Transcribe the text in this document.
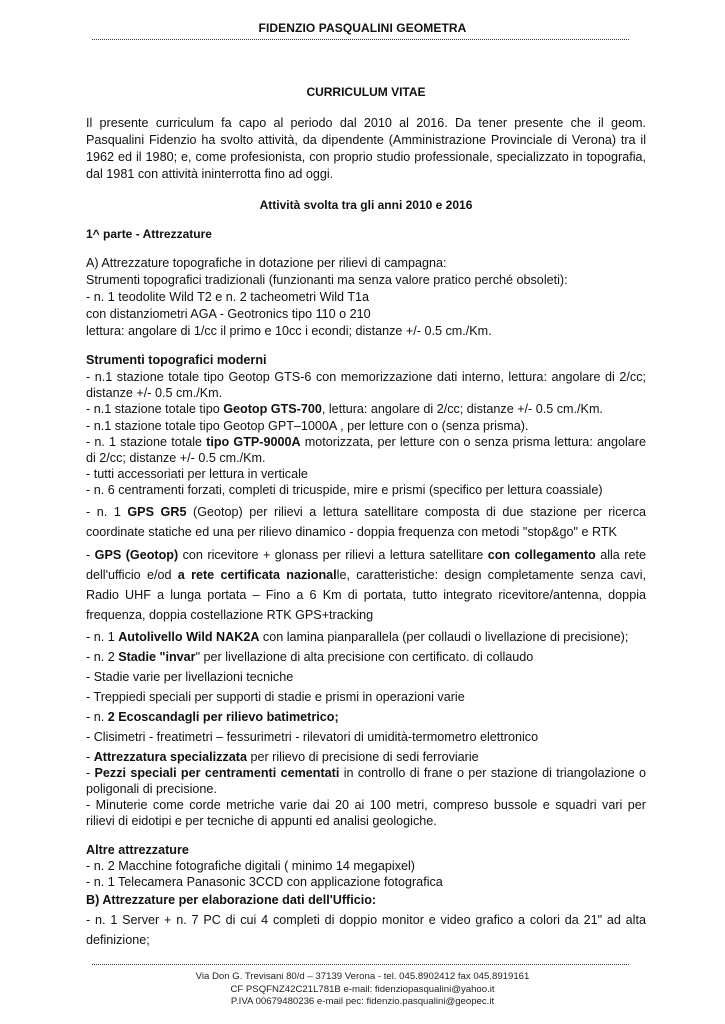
FIDENZIO PASQUALINI GEOMETRA
CURRICULUM VITAE

Il presente curriculum fa capo al periodo dal 2010 al 2016. Da tener presente che il geom. Pasqualini Fidenzio ha svolto attività, da dipendente (Amministrazione Provinciale di Verona) tra il 1962 ed il 1980; e, come profesionista, con proprio studio professionale, specializzato in topografia, dal 1981 con attività ininterrotta fino ad oggi.

Attività svolta tra gli anni 2010 e 2016

1^ parte - Attrezzature

A) Attrezzature topografiche in dotazione per rilievi di campagna:

Strumenti topografici tradizionali (funzionanti ma senza valore pratico perché obsoleti):

- n. 1 teodolite Wild T2 e n. 2 tacheometri Wild T1a

con distanziometri AGA - Geotronics tipo 110 o 210

lettura: angolare di 1/cc il primo e 10cc i econdi; distanze +/- 0.5 cm./Km.

Strumenti topografici moderni

- n.1 stazione totale tipo Geotop GTS-6 con memorizzazione dati interno, lettura: angolare di 2/cc; distanze +/- 0.5 cm./Km.

- n.1 stazione totale tipo Geotop GTS-700, lettura: angolare di 2/cc; distanze +/- 0.5 cm./Km.

- n.1 stazione totale tipo Geotop GPT–1000A , per letture con o (senza prisma).

- n. 1 stazione totale tipo GTP-9000A motorizzata, per letture con o senza prisma lettura: angolare di 2/cc; distanze +/- 0.5 cm./Km.

- tutti accessoriati per lettura in verticale

- n. 6 centramenti forzati, completi di tricuspide, mire e prismi (specifico per lettura coassiale)

- n. 1 GPS GR5 (Geotop) per rilievi a lettura satellitare composta di due stazione per ricerca coordinate statiche ed una per rilievo dinamico - doppia frequenza con metodi "stop&go" e RTK

- GPS (Geotop) con ricevitore + glonass per rilievi a lettura satellitare con collegamento alla rete dell'ufficio e/od a rete certificata nazionalle, caratteristiche: design completamente senza cavi, Radio UHF a lunga portata – Fino a 6 Km di portata, tutto integrato ricevitore/antenna, doppia frequenza, doppia costellazione RTK GPS+tracking

- n. 1 Autolivello Wild NAK2A con lamina pianparallela (per collaudi o livellazione di precisione);

- n. 2 Stadie "invar" per livellazione di alta precisione con certificato. di collaudo

- Stadie varie per livellazioni tecniche

- Treppiedi speciali per supporti di stadie e prismi in operazioni varie

- n. 2 Ecoscandagli per rilievo batimetrico;

- Clisimetri - freatimetri – fessurimetri - rilevatori di umidità-termometro elettronico

- Attrezzatura specializzata per rilievo di precisione di sedi ferroviarie

- Pezzi speciali per centramenti cementati in controllo di frane o per stazione di triangolazione o poligonali di precisione.

- Minuterie come corde metriche varie dai 20 ai 100 metri, compreso bussole e squadri vari per rilievi di eidotipi e per tecniche di appunti ed analisi geologiche.

Altre attrezzature

- n. 2 Macchine fotografiche digitali ( minimo 14 megapixel)

- n. 1 Telecamera Panasonic 3CCD con applicazione fotografica

B) Attrezzature per elaborazione dati dell'Ufficio:

- n. 1 Server + n. 7 PC di cui 4 completi di doppio monitor e video grafico a colori da 21" ad alta definizione;

Via Don G. Trevisani 80/d – 37139 Verona - tel. 045.8902412 fax 045.8919161
CF PSQFNZ42C21L781B e-mail: fidenziopasqualini@yahoo.it
P.IVA 00679480236 e-mail pec: fidenzio.pasqualini@geopec.it
